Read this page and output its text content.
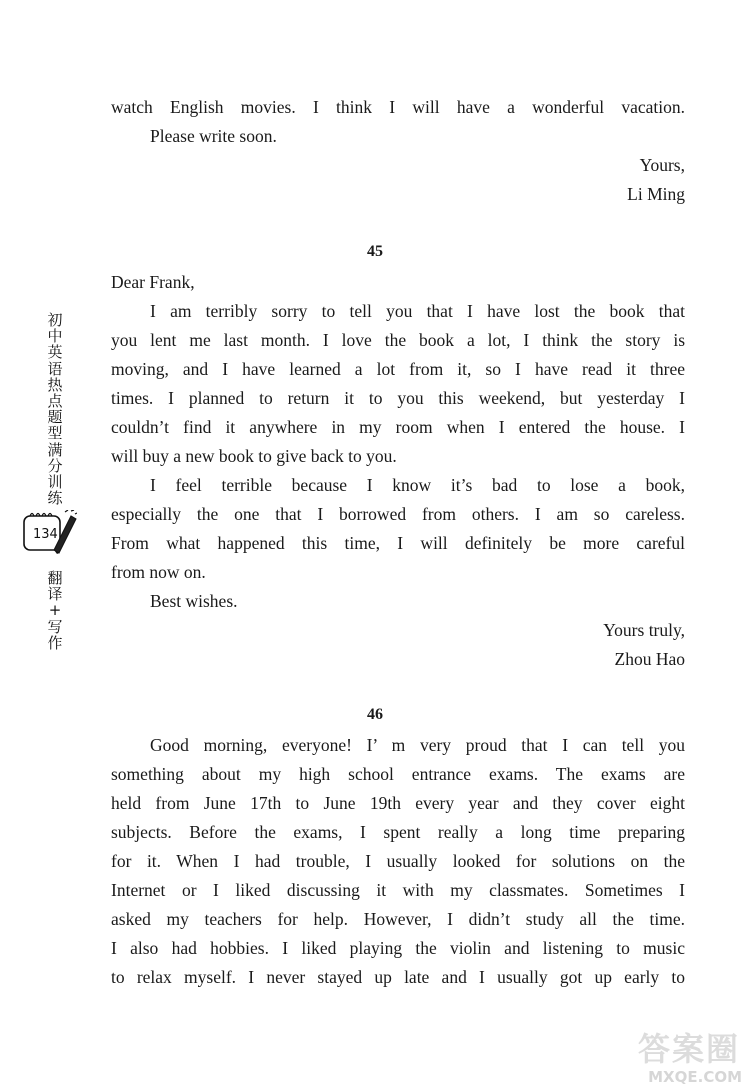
watch English movies. I think I will have a wonderful vacation.
Please write soon.
Yours,
Li Ming
45
Dear Frank,
I am terribly sorry to tell you that I have lost the book that
you lent me last month. I love the book a lot, I think the story is
moving, and I have learned a lot from it, so I have read it three
times. I planned to return it to you this weekend, but yesterday I
couldn’t find it anywhere in my room when I entered the house. I
will buy a new book to give back to you.
I feel terrible because I know it’s bad to lose a book,
especially the one that I borrowed from others. I am so careless.
From what happened this time, I will definitely be more careful
from now on.
Best wishes.
Yours truly,
Zhou Hao
46
Good morning, everyone! I’ m very proud that I can tell you
something about my high school entrance exams. The exams are
held from June 17th to June 19th every year and they cover eight
subjects. Before the exams, I spent really a long time preparing
for it. When I had trouble, I usually looked for solutions on the
Internet or I liked discussing it with my classmates. Sometimes I
asked my teachers for help. However, I didn’t study all the time.
I also had hobbies. I liked playing the violin and listening to music
to relax myself. I never stayed up late and I usually got up early to
初
中
英
语
热
点
题
型
满
分
训
练
134
翻
译
+
写
作
答案圈
MXQE.COM
